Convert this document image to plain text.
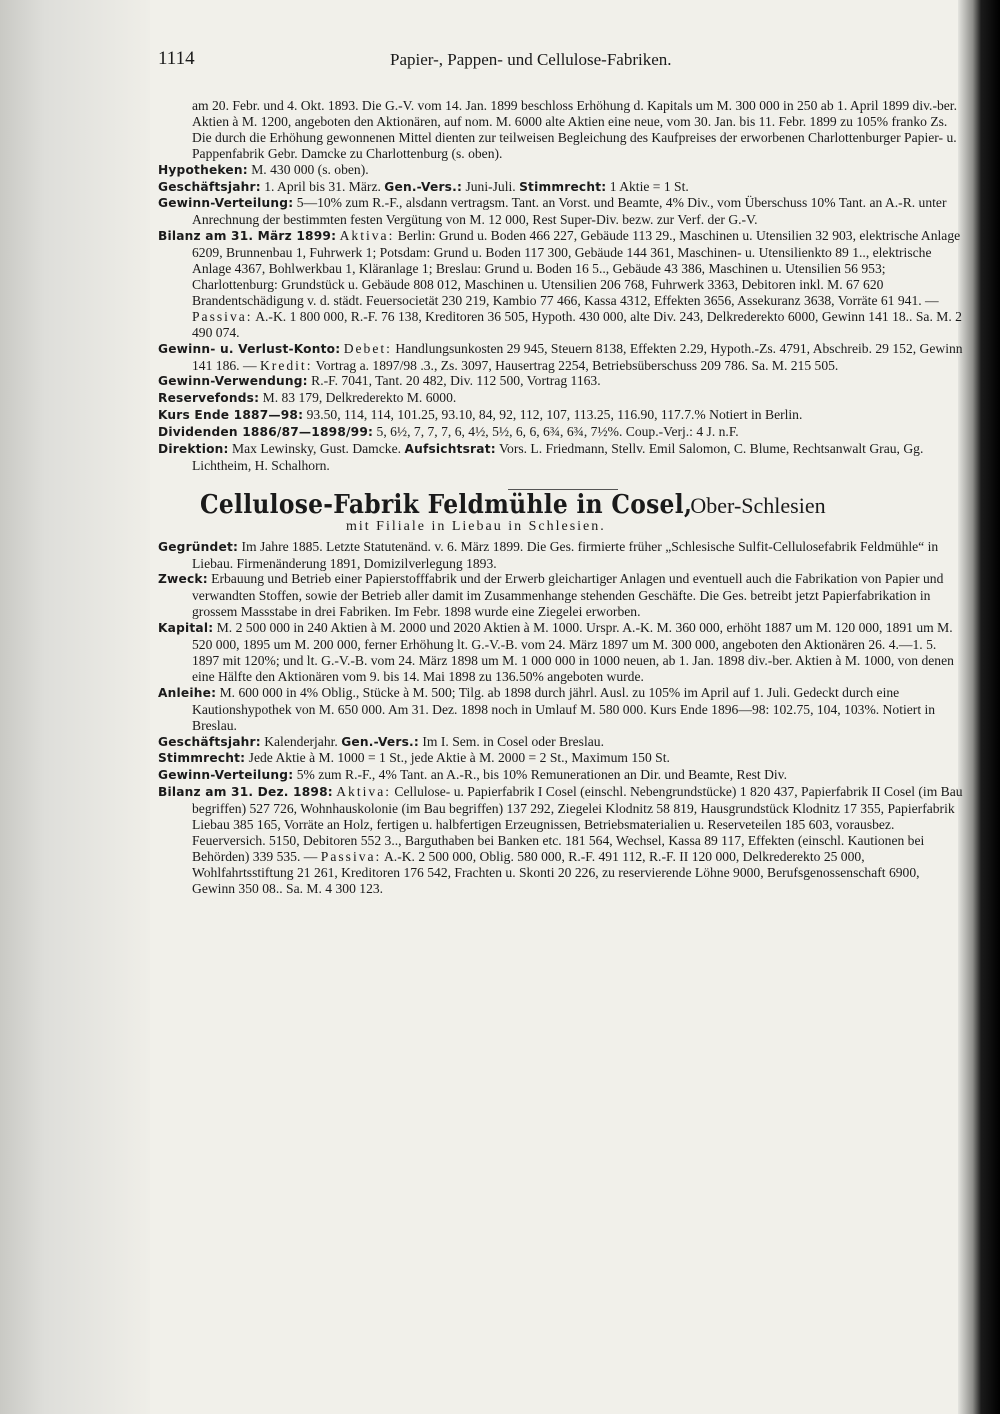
1114	Papier-, Pappen- und Cellulose-Fabriken.

am 20. Febr. und 4. Okt. 1893. Die G.-V. vom 14. Jan. 1899 beschloss Erhöhung d. Kapitals um M. 300 000 in 250 ab 1. April 1899 div.-ber. Aktien à M. 1200, angeboten den Aktionären, auf nom. M. 6000 alte Aktien eine neue, vom 30. Jan. bis 11. Febr. 1899 zu 105% franko Zs. Die durch die Erhöhung gewonnenen Mittel dienten zur teilweisen Begleichung des Kaufpreises der erworbenen Charlottenburger Papier- u. Pappenfabrik Gebr. Damcke zu Charlottenburg (s. oben).

Hypotheken: M. 430 000 (s. oben).

Geschäftsjahr: 1. April bis 31. März. Gen.-Vers.: Juni-Juli. Stimmrecht: 1 Aktie = 1 St.

Gewinn-Verteilung: 5—10% zum R.-F., alsdann vertragsm. Tant. an Vorst. und Beamte, 4% Div., vom Überschuss 10% Tant. an A.-R. unter Anrechnung der bestimmten festen Vergütung von M. 12 000, Rest Super-Div. bezw. zur Verf. der G.-V.

Bilanz am 31. März 1899: Aktiva: Berlin: Grund u. Boden 466 227, Gebäude 113 29., Maschinen u. Utensilien 32 903, elektrische Anlage 6209, Brunnenbau 1, Fuhrwerk 1; Potsdam: Grund u. Boden 117 300, Gebäude 144 361, Maschinen- u. Utensilienkto 89 1.., elektrische Anlage 4367, Bohlwerkbau 1, Kläranlage 1; Breslau: Grund u. Boden 16 5.., Gebäude 43 386, Maschinen u. Utensilien 56 953; Charlottenburg: Grundstück u. Gebäude 808 012, Maschinen u. Utensilien 206 768, Fuhrwerk 3363, Debitoren inkl. M. 67 620 Brandentschädigung v. d. städt. Feuersocietät 230 219, Kambio 77 466, Kassa 4312, Effekten 3656, Assekuranz 3638, Vorräte 61 941. — Passiva: A.-K. 1 800 000, R.-F. 76 138, Kreditoren 36 505, Hypoth. 430 000, alte Div. 243, Delkrederekto 6000, Gewinn 141 18.. Sa. M. 2 490 074.

Gewinn- u. Verlust-Konto: Debet: Handlungsunkosten 29 945, Steuern 8138, Effekten 2.29, Hypoth.-Zs. 4791, Abschreib. 29 152, Gewinn 141 186. — Kredit: Vortrag a. 1897/98 .3., Zs. 3097, Hausertrag 2254, Betriebsüberschuss 209 786. Sa. M. 215 505.

Gewinn-Verwendung: R.-F. 7041, Tant. 20 482, Div. 112 500, Vortrag 1163.

Reservefonds: M. 83 179, Delkrederekto M. 6000.

Kurs Ende 1887—98: 93.50, 114, 114, 101.25, 93.10, 84, 92, 112, 107, 113.25, 116.90, 117.7.% Notiert in Berlin.

Dividenden 1886/87—1898/99: 5, 6½, 7, 7, 7, 6, 4½, 5½, 6, 6, 6¾, 6¾, 7½%. Coup.-Verj.: 4 J. n.F.

Direktion: Max Lewinsky, Gust. Damcke. Aufsichtsrat: Vors. L. Friedmann, Stellv. Emil Salomon, C. Blume, Rechtsanwalt Grau, Gg. Lichtheim, H. Schalhorn.

Cellulose-Fabrik Feldmühle in Cosel, Ober-Schlesien

mit Filiale in Liebau in Schlesien.

Gegründet: Im Jahre 1885. Letzte Statutenänd. v. 6. März 1899. Die Ges. firmierte früher „Schlesische Sulfit-Cellulosefabrik Feldmühle“ in Liebau. Firmenänderung 1891, Domizilverlegung 1893.

Zweck: Erbauung und Betrieb einer Papierstofffabrik und der Erwerb gleichartiger Anlagen und eventuell auch die Fabrikation von Papier und verwandten Stoffen, sowie der Betrieb aller damit im Zusammenhange stehenden Geschäfte. Die Ges. betreibt jetzt Papierfabrikation in grossem Massstabe in drei Fabriken. Im Febr. 1898 wurde eine Ziegelei erworben.

Kapital: M. 2 500 000 in 240 Aktien à M. 2000 und 2020 Aktien à M. 1000. Urspr. A.-K. M. 360 000, erhöht 1887 um M. 120 000, 1891 um M. 520 000, 1895 um M. 200 000, ferner Erhöhung lt. G.-V.-B. vom 24. März 1897 um M. 300 000, angeboten den Aktionären 26. 4.—1. 5. 1897 mit 120%; und lt. G.-V.-B. vom 24. März 1898 um M. 1 000 000 in 1000 neuen, ab 1. Jan. 1898 div.-ber. Aktien à M. 1000, von denen eine Hälfte den Aktionären vom 9. bis 14. Mai 1898 zu 136.50% angeboten wurde.

Anleihe: M. 600 000 in 4% Oblig., Stücke à M. 500; Tilg. ab 1898 durch jährl. Ausl. zu 105% im April auf 1. Juli. Gedeckt durch eine Kautionshypothek von M. 650 000. Am 31. Dez. 1898 noch in Umlauf M. 580 000. Kurs Ende 1896—98: 102.75, 104, 103%. Notiert in Breslau.

Geschäftsjahr: Kalenderjahr. Gen.-Vers.: Im I. Sem. in Cosel oder Breslau.

Stimmrecht: Jede Aktie à M. 1000 = 1 St., jede Aktie à M. 2000 = 2 St., Maximum 150 St.

Gewinn-Verteilung: 5% zum R.-F., 4% Tant. an A.-R., bis 10% Remunerationen an Dir. und Beamte, Rest Div.

Bilanz am 31. Dez. 1898: Aktiva: Cellulose- u. Papierfabrik I Cosel (einschl. Nebengrundstücke) 1 820 437, Papierfabrik II Cosel (im Bau begriffen) 527 726, Wohnhauskolonie (im Bau begriffen) 137 292, Ziegelei Klodnitz 58 819, Hausgrundstück Klodnitz 17 355, Papierfabrik Liebau 385 165, Vorräte an Holz, fertigen u. halbfertigen Erzeugnissen, Betriebsmaterialien u. Reserveteilen 185 603, vorausbez. Feuerversich. 5150, Debitoren 552 3.., Barguthaben bei Banken etc. 181 564, Wechsel, Kassa 89 117, Effekten (einschl. Kautionen bei Behörden) 339 535. — Passiva: A.-K. 2 500 000, Oblig. 580 000, R.-F. 491 112, R.-F. II 120 000, Delkrederekto 25 000, Wohlfahrtsstiftung 21 261, Kreditoren 176 542, Frachten u. Skonti 20 226, zu reservierende Löhne 9000, Berufsgenossenschaft 6900, Gewinn 350 08.. Sa. M. 4 300 123.
